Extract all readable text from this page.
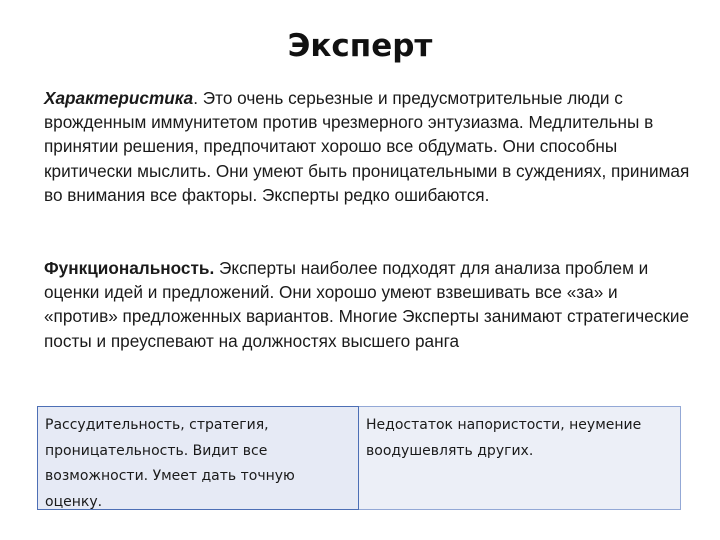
Эксперт

Характеристика. Это очень серьезные и предусмотрительные люди с врожденным иммунитетом против чрезмерного энтузиазма. Медлительны в принятии решения, предпочитают хорошо все обдумать. Они способны критически мыслить. Они умеют быть проницательными в суждениях, принимая во внимания все факторы. Эксперты редко ошибаются.

Функциональность. Эксперты наиболее подходят для анализа проблем и оценки идей и предложений. Они хорошо умеют взвешивать все «за» и «против» предложенных вариантов. Многие Эксперты занимают стратегические посты и преуспевают на должностях высшего ранга

Рассудительность, стратегия, проницательность. Видит все возможности. Умеет дать точную оценку.
Недостаток напористости, неумение воодушевлять других.
